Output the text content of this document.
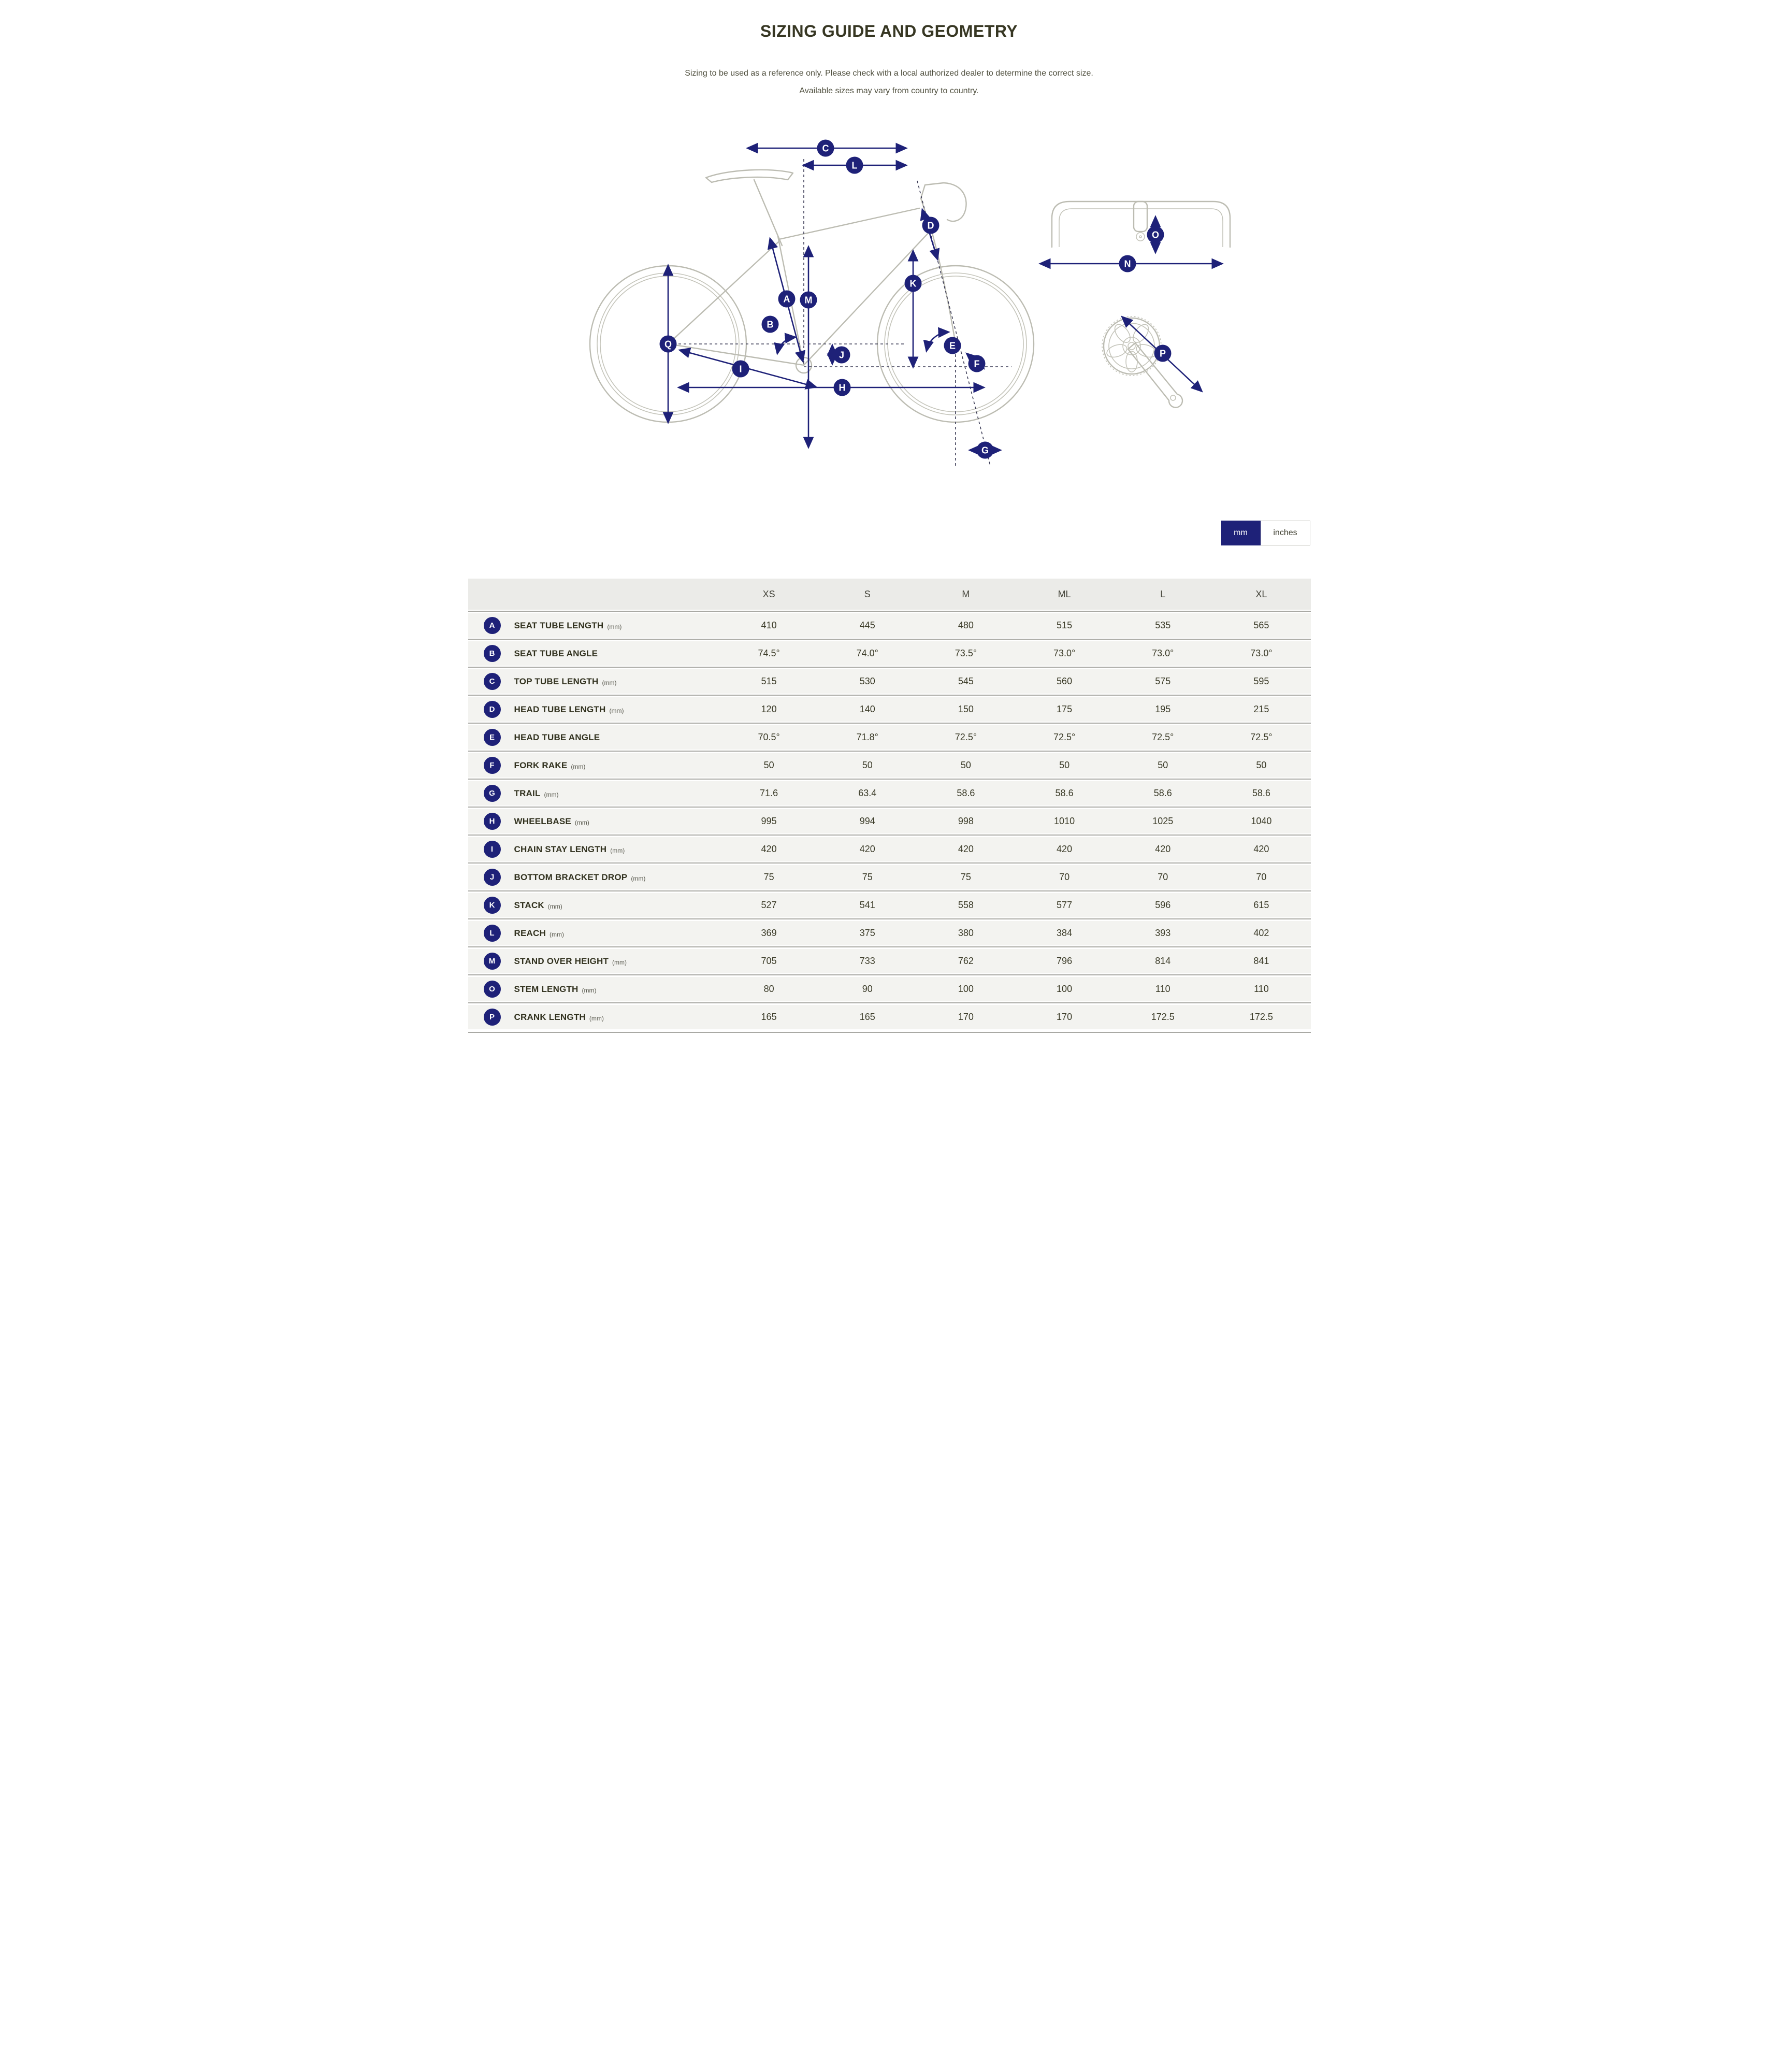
SIZING GUIDE AND GEOMETRY

Sizing to be used as a reference only. Please check with a local authorized dealer to determine the correct size.

Available sizes may vary from country to country.

A
B
C
D
E
F
G
H
I
J
K
L
M
N
O
P
Q
mm	inches
XS	S	M	ML	L	XL
A	SEAT TUBE LENGTH (mm)	410	445	480	515	535	565
B	SEAT TUBE ANGLE	74.5°	74.0°	73.5°	73.0°	73.0°	73.0°
C	TOP TUBE LENGTH (mm)	515	530	545	560	575	595
D	HEAD TUBE LENGTH (mm)	120	140	150	175	195	215
E	HEAD TUBE ANGLE	70.5°	71.8°	72.5°	72.5°	72.5°	72.5°
F	FORK RAKE (mm)	50	50	50	50	50	50
G	TRAIL (mm)	71.6	63.4	58.6	58.6	58.6	58.6
H	WHEELBASE (mm)	995	994	998	1010	1025	1040
I	CHAIN STAY LENGTH (mm)	420	420	420	420	420	420
J	BOTTOM BRACKET DROP (mm)	75	75	75	70	70	70
K	STACK (mm)	527	541	558	577	596	615
L	REACH (mm)	369	375	380	384	393	402
M	STAND OVER HEIGHT (mm)	705	733	762	796	814	841
O	STEM LENGTH (mm)	80	90	100	100	110	110
P	CRANK LENGTH (mm)	165	165	170	170	172.5	172.5
